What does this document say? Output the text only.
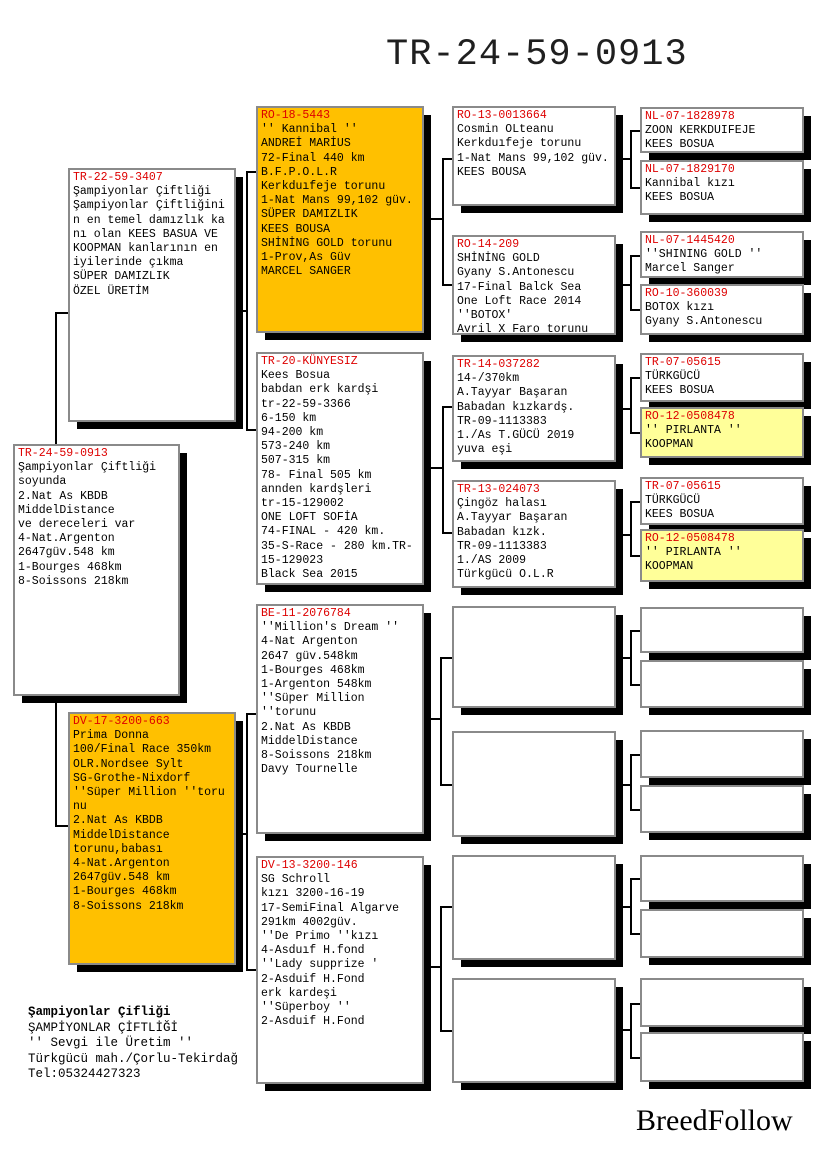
TR-24-59-0913
TR-24-59-0913
Şampiyonlar Çiftliği
soyunda
2.Nat As KBDB
MiddelDistance
ve dereceleri var
4-Nat.Argenton
2647güv.548 km
1-Bourges 468km
8-Soissons 218km
TR-22-59-3407
Şampiyonlar Çiftliği
Şampiyonlar Çiftliğini
n en temel damızlık ka
nı olan KEES BASUA VE
KOOPMAN kanlarının en
iyilerinde çıkma
SÜPER DAMIZLIK
ÖZEL ÜRETİM
DV-17-3200-663
Prima Donna
100/Final Race 350km
OLR.Nordsee Sylt
SG-Grothe-Nixdorf
''Süper Million ''toru
nu
2.Nat As KBDB
MiddelDistance
torunu,babası
4-Nat.Argenton
2647güv.548 km
1-Bourges 468km
8-Soissons 218km
RO-18-5443
'' Kannibal ''
ANDREİ MARİUS
72-Final 440 km
B.F.P.O.L.R
Kerkduıfeje torunu
1-Nat Mans 99,102 güv.
SÜPER DAMIZLIK
KEES BOUSA
SHİNİNG GOLD torunu
1-Prov,As Güv
MARCEL SANGER
TR-20-KÜNYESIZ
Kees Bosua
babdan erk kardşi
tr-22-59-3366
6-150 km
94-200 km
573-240 km
507-315 km
78- Final 505 km
annden kardşleri
tr-15-129002
ONE LOFT SOFİA
74-FINAL - 420 km.
35-S-Race - 280 km.TR-
15-129023
Black Sea 2015
BE-11-2076784
''Million's Dream ''
4-Nat Argenton
2647 güv.548km
1-Bourges 468km
1-Argenton 548km
''Süper Million
''torunu
2.Nat As KBDB
MiddelDistance
8-Soissons 218km
Davy Tournelle
DV-13-3200-146
SG Schroll
kızı 3200-16-19
17-SemiFinal Algarve
291km 4002güv.
''De Primo ''kızı
4-Asduıf H.fond
''Lady supprize '
2-Asduif H.Fond
erk kardeşi
''Süperboy ''
2-Asduif H.Fond
RO-13-0013664
Cosmin OLteanu
Kerkduıfeje torunu
1-Nat Mans 99,102 güv.
KEES BOUSA
RO-14-209
SHİNİNG GOLD
Gyany S.Antonescu
17-Final Balck Sea
One Loft Race 2014
''BOTOX'
Avril X Faro torunu
TR-14-037282
14-/370km
A.Tayyar Başaran
Babadan kızkardş.
TR-09-1113383
1./As T.GÜCÜ 2019
yuva eşi
TR-13-024073
Çingöz halası
A.Tayyar Başaran
Babadan kızk.
TR-09-1113383
1./AS 2009
Türkgücü O.L.R
NL-07-1828978
ZOON KERKDUIFEJE
KEES BOSUA
NL-07-1829170
Kannibal kızı
KEES BOSUA
NL-07-1445420
''SHINING GOLD ''
Marcel Sanger
RO-10-360039
BOTOX kızı
Gyany S.Antonescu
TR-07-05615
TÜRKGÜCÜ
KEES BOSUA
RO-12-0508478
'' PIRLANTA ''
KOOPMAN
TR-07-05615
TÜRKGÜCÜ
KEES BOSUA
RO-12-0508478
'' PIRLANTA ''
KOOPMAN
Şampiyonlar Çifliği
ŞAMPİYONLAR ÇİFTLİĞİ
'' Sevgi ile Üretim ''
Türkgücü mah./Çorlu-Tekirdağ
Tel:05324427323
BreedFollow
